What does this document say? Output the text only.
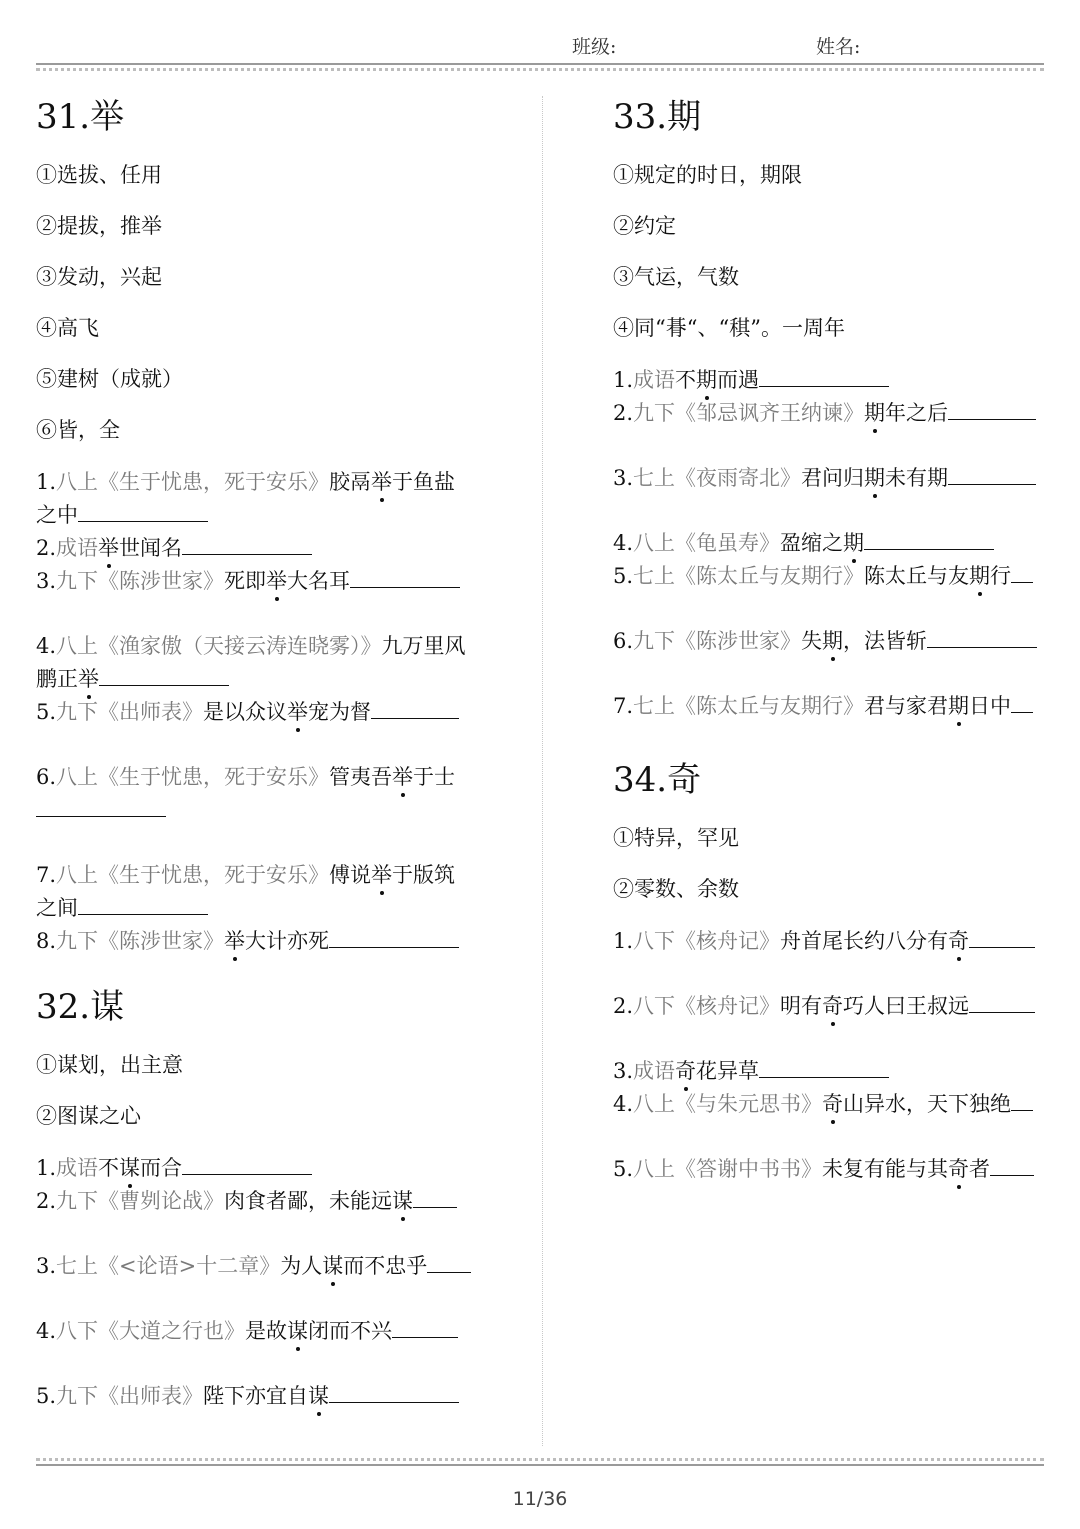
班级:	姓名:
31.举
①选拔、任用
②提拔，推举
③发动，兴起
④高飞
⑤建树（成就）
⑥皆，全
1.八上《生于忧患，死于安乐》胶鬲举于鱼盐之中
2.成语举世闻名
3.九下《陈涉世家》死即举大名耳
4.八上《渔家傲（天接云涛连晓雾）》九万里风鹏正举
5.九下《出师表》是以众议举宠为督
6.八上《生于忧患，死于安乐》管夷吾举于士
7.八上《生于忧患，死于安乐》傅说举于版筑之间
8.九下《陈涉世家》举大计亦死
32.谋
①谋划，出主意
②图谋之心
1.成语不谋而合
2.九下《曹刿论战》肉食者鄙，未能远谋
3.七上《<论语>十二章》为人谋而不忠乎
4.八下《大道之行也》是故谋闭而不兴
5.九下《出师表》陛下亦宜自谋
33.期
①规定的时日，期限
②约定
③气运，气数
④同“朞“、“稘”。一周年
1.成语不期而遇
2.九下《邹忌讽齐王纳谏》期年之后
3.七上《夜雨寄北》君问归期未有期
4.八上《龟虽寿》盈缩之期
5.七上《陈太丘与友期行》陈太丘与友期行
6.九下《陈涉世家》失期，法皆斩
7.七上《陈太丘与友期行》君与家君期日中
34.奇
①特异，罕见
②零数、余数
1.八下《核舟记》舟首尾长约八分有奇
2.八下《核舟记》明有奇巧人曰王叔远
3.成语奇花异草
4.八上《与朱元思书》奇山异水，天下独绝
5.八上《答谢中书书》未复有能与其奇者
11/36
